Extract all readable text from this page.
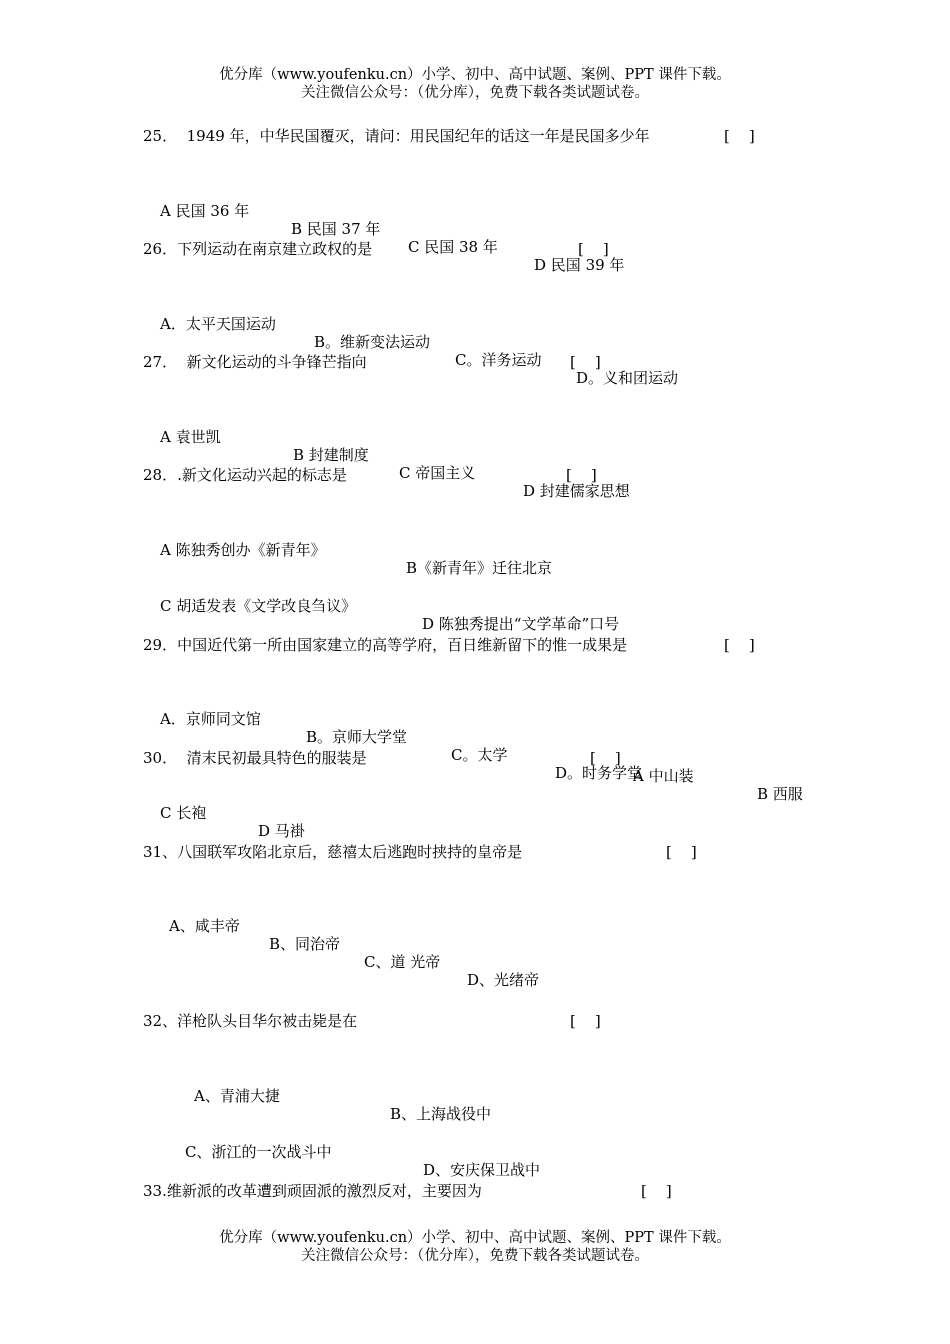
优分库（www.youfenku.cn）小学、初中、高中试题、案例、PPT 课件下载。
关注微信公众号：（优分库），免费下载各类试题试卷。
25．  1949 年，中华民国覆灭，请问：用民国纪年的话这一年是民国多少年	[    ]

A 民国 36 年

B 民国 37 年

C 民国 38 年

D 民国 39 年

26．下列运动在南京建立政权的是	[    ]

A．太平天国运动

B。维新变法运动

C。洋务运动

D。义和团运动

27．  新文化运动的斗争锋芒指向	[    ]

A 袁世凯

B 封建制度

C 帝国主义

D 封建儒家思想

28．.新文化运动兴起的标志是	[    ]

A 陈独秀创办《新青年》

B《新青年》迁往北京

C 胡适发表《文学改良刍议》

D 陈独秀提出“文学革命”口号

29．中国近代第一所由国家建立的高等学府，百日维新留下的惟一成果是	[    ]

A．京师同文馆

B。京师大学堂

C。太学

D。时务学堂

30．  清末民初最具特色的服装是	[    ]

A 中山装

B 西服

C 长袍

D 马褂

31、八国联军攻陷北京后，慈禧太后逃跑时挟持的皇帝是	[    ]

A、咸丰帝

B、同治帝

C、道 光帝

D、光绪帝

32、洋枪队头目华尔被击毙是在	[    ]

A、青浦大捷

B、上海战役中

C、浙江的一次战斗中

D、安庆保卫战中

33.维新派的改革遭到顽固派的激烈反对，主要因为	[    ]
优分库（www.youfenku.cn）小学、初中、高中试题、案例、PPT 课件下载。
关注微信公众号：（优分库），免费下载各类试题试卷。
